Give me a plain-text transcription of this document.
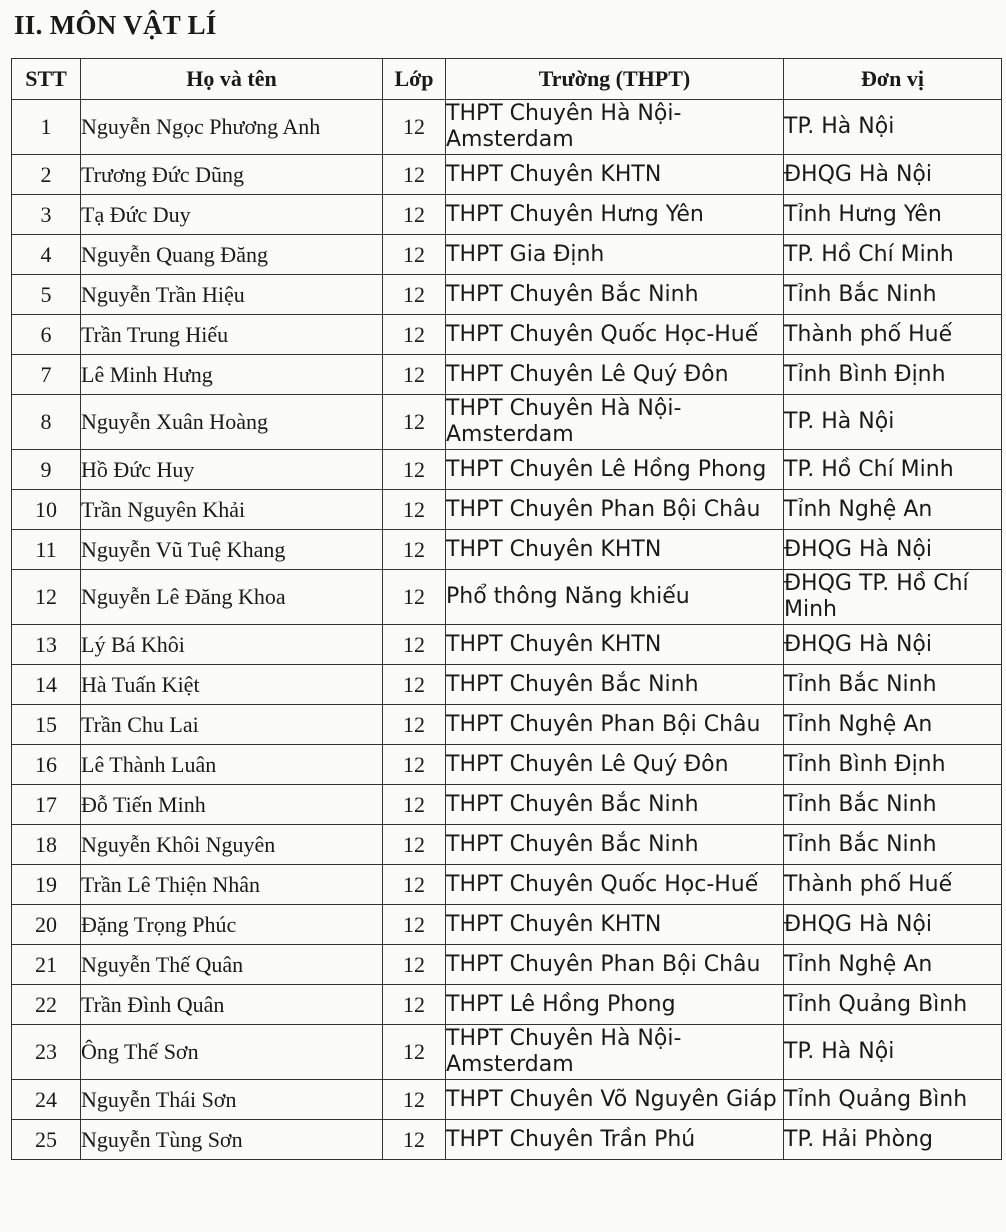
II. MÔN VẬT LÍ
STT	Họ và tên	Lớp	Trường (THPT)	Đơn vị
1	Nguyễn Ngọc Phương Anh	12	THPT Chuyên Hà Nội-
Amsterdam	TP. Hà Nội
2	Trương Đức Dũng	12	THPT Chuyên KHTN	ĐHQG Hà Nội
3	Tạ Đức Duy	12	THPT Chuyên Hưng Yên	Tỉnh Hưng Yên
4	Nguyễn Quang Đăng	12	THPT Gia Định	TP. Hồ Chí Minh
5	Nguyễn Trần Hiệu	12	THPT Chuyên Bắc Ninh	Tỉnh Bắc Ninh
6	Trần Trung Hiếu	12	THPT Chuyên Quốc Học-Huế	Thành phố Huế
7	Lê Minh Hưng	12	THPT Chuyên Lê Quý Đôn	Tỉnh Bình Định
8	Nguyễn Xuân Hoàng	12	THPT Chuyên Hà Nội-
Amsterdam	TP. Hà Nội
9	Hồ Đức Huy	12	THPT Chuyên Lê Hồng Phong	TP. Hồ Chí Minh
10	Trần Nguyên Khải	12	THPT Chuyên Phan Bội Châu	Tỉnh Nghệ An
11	Nguyễn Vũ Tuệ Khang	12	THPT Chuyên KHTN	ĐHQG Hà Nội
12	Nguyễn Lê Đăng Khoa	12	Phổ thông Năng khiếu	ĐHQG TP. Hồ Chí
Minh

13	Lý Bá Khôi	12	THPT Chuyên KHTN	ĐHQG Hà Nội
14	Hà Tuấn Kiệt	12	THPT Chuyên Bắc Ninh	Tỉnh Bắc Ninh
15	Trần Chu Lai	12	THPT Chuyên Phan Bội Châu	Tỉnh Nghệ An
16	Lê Thành Luân	12	THPT Chuyên Lê Quý Đôn	Tỉnh Bình Định
17	Đỗ Tiến Minh	12	THPT Chuyên Bắc Ninh	Tỉnh Bắc Ninh
18	Nguyễn Khôi Nguyên	12	THPT Chuyên Bắc Ninh	Tỉnh Bắc Ninh
19	Trần Lê Thiện Nhân	12	THPT Chuyên Quốc Học-Huế	Thành phố Huế
20	Đặng Trọng Phúc	12	THPT Chuyên KHTN	ĐHQG Hà Nội
21	Nguyễn Thế Quân	12	THPT Chuyên Phan Bội Châu	Tỉnh Nghệ An
22	Trần Đình Quân	12	THPT Lê Hồng Phong	Tỉnh Quảng Bình
23	Ông Thế Sơn	12	THPT Chuyên Hà Nội-
Amsterdam	TP. Hà Nội
24	Nguyễn Thái Sơn	12	THPT Chuyên Võ Nguyên Giáp	Tỉnh Quảng Bình
25	Nguyễn Tùng Sơn	12	THPT Chuyên Trần Phú	TP. Hải Phòng
